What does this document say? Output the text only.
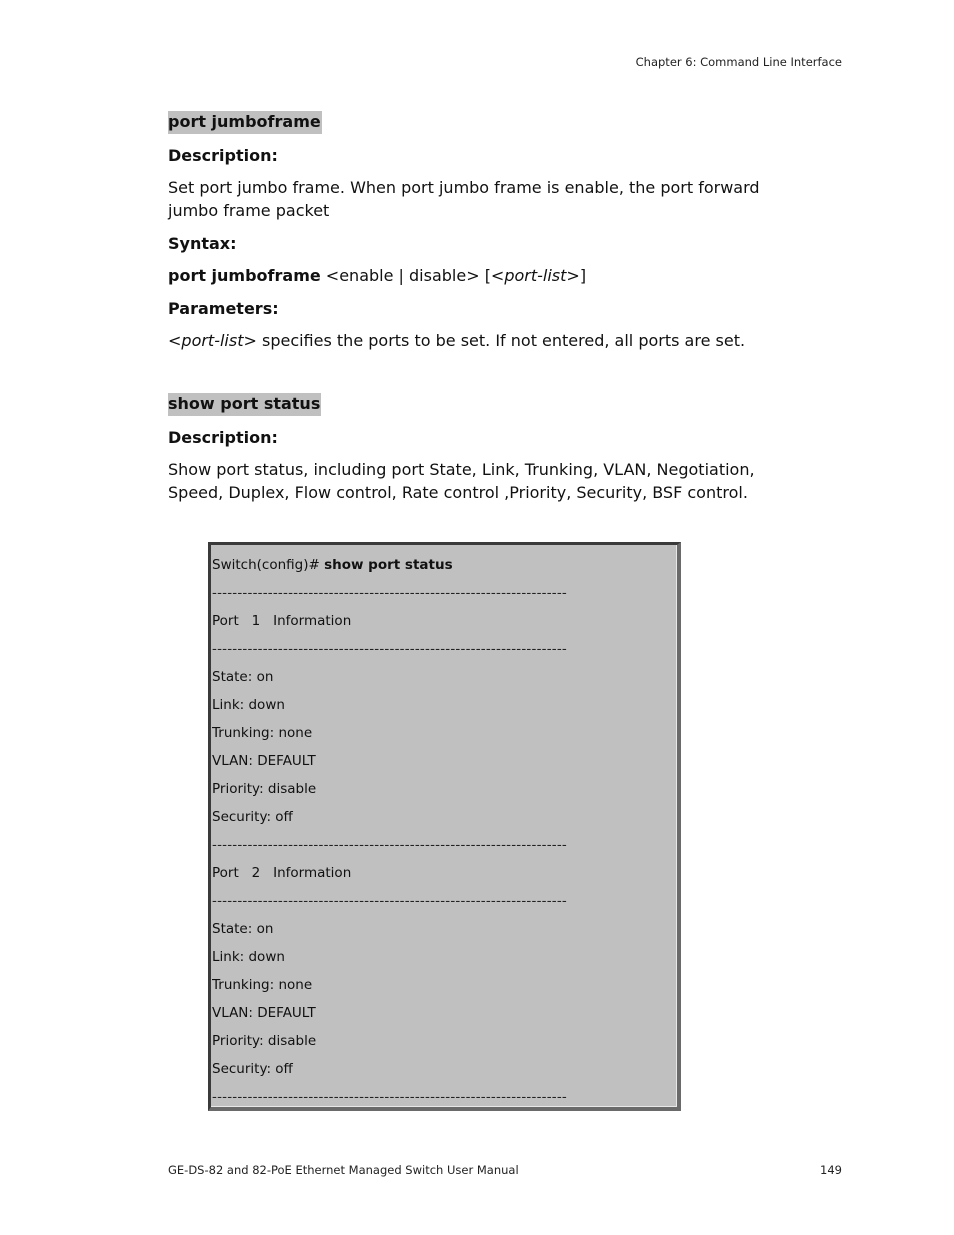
Chapter 6: Command Line Interface
port jumboframe
Description:
Set port jumbo frame. When port jumbo frame is enable, the port forward jumbo frame packet
Syntax:
port jumboframe <enable | disable> [<port-list>]
Parameters:
<port-list> specifies the ports to be set. If not entered, all ports are set.
show port status
Description:
Show port status, including port State, Link, Trunking, VLAN, Negotiation, Speed, Duplex, Flow control, Rate control ,Priority, Security, BSF control.
Switch(config)# show port status
----------------------------------------------------------------------
Port   1   Information
----------------------------------------------------------------------
State: on
Link: down
Trunking: none
VLAN: DEFAULT
Priority: disable
Security: off
----------------------------------------------------------------------
Port   2   Information
----------------------------------------------------------------------
State: on
Link: down
Trunking: none
VLAN: DEFAULT
Priority: disable
Security: off
----------------------------------------------------------------------
GE-DS-82 and 82-PoE Ethernet Managed Switch User Manual	149
